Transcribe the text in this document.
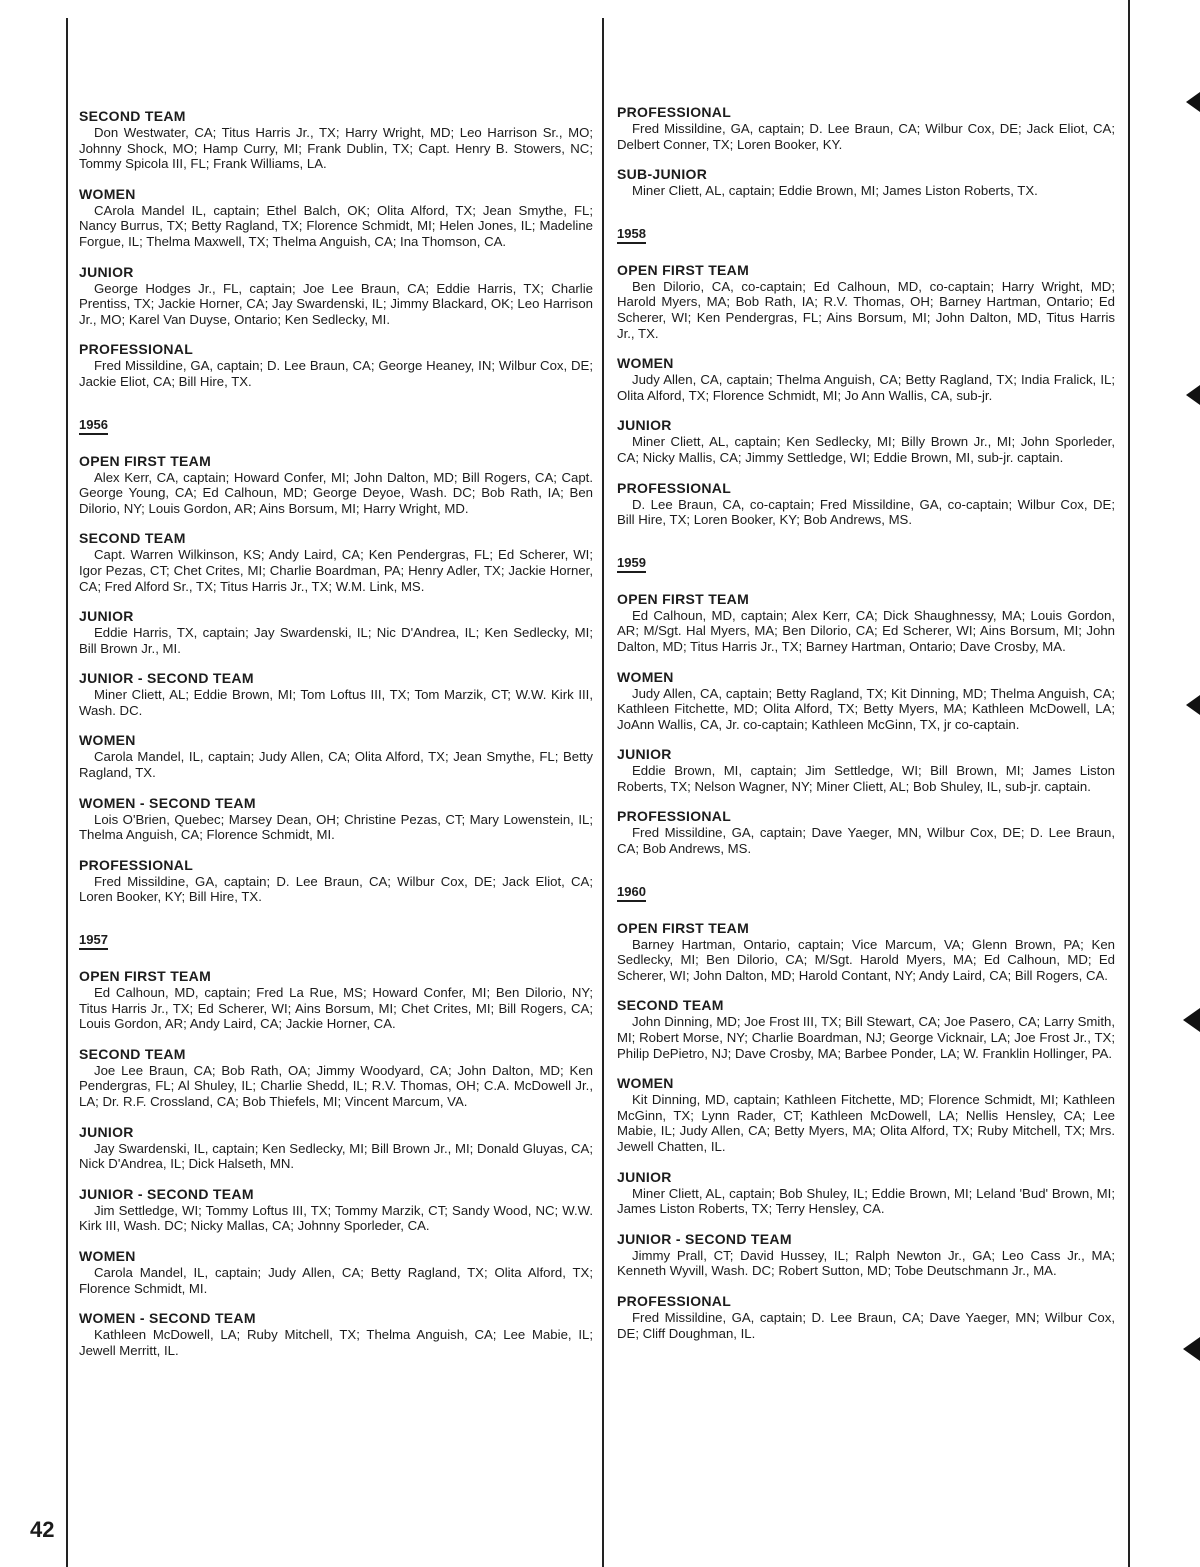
SECOND TEAM
Don Westwater, CA; Titus Harris Jr., TX; Harry Wright, MD; Leo Harrison Sr., MO; Johnny Shock, MO; Hamp Curry, MI; Frank Dublin, TX; Capt. Henry B. Stowers, NC; Tommy Spicola III, FL; Frank Williams, LA.
WOMEN
CArola Mandel IL, captain; Ethel Balch, OK; Olita Alford, TX; Jean Smythe, FL; Nancy Burrus, TX; Betty Ragland, TX; Florence Schmidt, MI; Helen Jones, IL; Madeline Forgue, IL; Thelma Maxwell, TX; Thelma Anguish, CA; Ina Thomson, CA.
JUNIOR
George Hodges Jr., FL, captain; Joe Lee Braun, CA; Eddie Harris, TX; Charlie Prentiss, TX; Jackie Horner, CA; Jay Swardenski, IL; Jimmy Blackard, OK; Leo Harrison Jr., MO; Karel Van Duyse, Ontario; Ken Sedlecky, MI.
PROFESSIONAL
Fred Missildine, GA, captain; D. Lee Braun, CA; George Heaney, IN; Wilbur Cox, DE; Jackie Eliot, CA; Bill Hire, TX.
1956
OPEN FIRST TEAM
Alex Kerr, CA, captain; Howard Confer, MI; John Dalton, MD; Bill Rogers, CA; Capt. George Young, CA; Ed Calhoun, MD; George Deyoe, Wash. DC; Bob Rath, IA; Ben Dilorio, NY; Louis Gordon, AR; Ains Borsum, MI; Harry Wright, MD.
SECOND TEAM
Capt. Warren Wilkinson, KS; Andy Laird, CA; Ken Pendergras, FL; Ed Scherer, WI; Igor Pezas, CT; Chet Crites, MI; Charlie Boardman, PA; Henry Adler, TX; Jackie Horner, CA; Fred Alford Sr., TX; Titus Harris Jr., TX; W.M. Link, MS.
JUNIOR
Eddie Harris, TX, captain; Jay Swardenski, IL; Nic D'Andrea, IL; Ken Sedlecky, MI; Bill Brown Jr., MI.
JUNIOR - SECOND TEAM
Miner Cliett, AL; Eddie Brown, MI; Tom Loftus III, TX; Tom Marzik, CT; W.W. Kirk III, Wash. DC.
WOMEN
Carola Mandel, IL, captain; Judy Allen, CA; Olita Alford, TX; Jean Smythe, FL; Betty Ragland, TX.
WOMEN - SECOND TEAM
Lois O'Brien, Quebec; Marsey Dean, OH; Christine Pezas, CT; Mary Lowenstein, IL; Thelma Anguish, CA; Florence Schmidt, MI.
PROFESSIONAL
Fred Missildine, GA, captain; D. Lee Braun, CA; Wilbur Cox, DE; Jack Eliot, CA; Loren Booker, KY; Bill Hire, TX.
1957
OPEN FIRST TEAM
Ed Calhoun, MD, captain; Fred La Rue, MS; Howard Confer, MI; Ben Dilorio, NY; Titus Harris Jr., TX; Ed Scherer, WI; Ains Borsum, MI; Chet Crites, MI; Bill Rogers, CA; Louis Gordon, AR; Andy Laird, CA; Jackie Horner, CA.
SECOND TEAM
Joe Lee Braun, CA; Bob Rath, OA; Jimmy Woodyard, CA; John Dalton, MD; Ken Pendergras, FL; Al Shuley, IL; Charlie Shedd, IL; R.V. Thomas, OH; C.A. McDowell Jr., LA; Dr. R.F. Crossland, CA; Bob Thiefels, MI; Vincent Marcum, VA.
JUNIOR
Jay Swardenski, IL, captain; Ken Sedlecky, MI; Bill Brown Jr., MI; Donald Gluyas, CA; Nick D'Andrea, IL; Dick Halseth, MN.
JUNIOR - SECOND TEAM
Jim Settledge, WI; Tommy Loftus III, TX; Tommy Marzik, CT; Sandy Wood, NC; W.W. Kirk III, Wash. DC; Nicky Mallas, CA; Johnny Sporleder, CA.
WOMEN
Carola Mandel, IL, captain; Judy Allen, CA; Betty Ragland, TX; Olita Alford, TX; Florence Schmidt, MI.
WOMEN - SECOND TEAM
Kathleen McDowell, LA; Ruby Mitchell, TX; Thelma Anguish, CA; Lee Mabie, IL; Jewell Merritt, IL.
PROFESSIONAL
Fred Missildine, GA, captain; D. Lee Braun, CA; Wilbur Cox, DE; Jack Eliot, CA; Delbert Conner, TX; Loren Booker, KY.
SUB-JUNIOR
Miner Cliett, AL, captain; Eddie Brown, MI; James Liston Roberts, TX.
1958
OPEN FIRST TEAM
Ben Dilorio, CA, co-captain; Ed Calhoun, MD, co-captain; Harry Wright, MD; Harold Myers, MA; Bob Rath, IA; R.V. Thomas, OH; Barney Hartman, Ontario; Ed Scherer, WI; Ken Pendergras, FL; Ains Borsum, MI; John Dalton, MD, Titus Harris Jr., TX.
WOMEN
Judy Allen, CA, captain; Thelma Anguish, CA; Betty Ragland, TX; India Fralick, IL; Olita Alford, TX; Florence Schmidt, MI; Jo Ann Wallis, CA, sub-jr.
JUNIOR
Miner Cliett, AL, captain; Ken Sedlecky, MI; Billy Brown Jr., MI; John Sporleder, CA; Nicky Mallis, CA; Jimmy Settledge, WI; Eddie Brown, MI, sub-jr. captain.
PROFESSIONAL
D. Lee Braun, CA, co-captain; Fred Missildine, GA, co-captain; Wilbur Cox, DE; Bill Hire, TX; Loren Booker, KY; Bob Andrews, MS.
1959
OPEN FIRST TEAM
Ed Calhoun, MD, captain; Alex Kerr, CA; Dick Shaughnessy, MA; Louis Gordon, AR; M/Sgt. Hal Myers, MA; Ben Dilorio, CA; Ed Scherer, WI; Ains Borsum, MI; John Dalton, MD; Titus Harris Jr., TX; Barney Hartman, Ontario; Dave Crosby, MA.
WOMEN
Judy Allen, CA, captain; Betty Ragland, TX; Kit Dinning, MD; Thelma Anguish, CA; Kathleen Fitchette, MD; Olita Alford, TX; Betty Myers, MA; Kathleen McDowell, LA; JoAnn Wallis, CA, Jr. co-captain; Kathleen McGinn, TX, jr co-captain.
JUNIOR
Eddie Brown, MI, captain; Jim Settledge, WI; Bill Brown, MI; James Liston Roberts, TX; Nelson Wagner, NY; Miner Cliett, AL; Bob Shuley, IL, sub-jr. captain.
PROFESSIONAL
Fred Missildine, GA, captain; Dave Yaeger, MN, Wilbur Cox, DE; D. Lee Braun, CA; Bob Andrews, MS.
1960
OPEN FIRST TEAM
Barney Hartman, Ontario, captain; Vice Marcum, VA; Glenn Brown, PA; Ken Sedlecky, MI; Ben Dilorio, CA; M/Sgt. Harold Myers, MA; Ed Calhoun, MD; Ed Scherer, WI; John Dalton, MD; Harold Contant, NY; Andy Laird, CA; Bill Rogers, CA.
SECOND TEAM
John Dinning, MD; Joe Frost III, TX; Bill Stewart, CA; Joe Pasero, CA; Larry Smith, MI; Robert Morse, NY; Charlie Boardman, NJ; George Vicknair, LA; Joe Frost Jr., TX; Philip DePietro, NJ; Dave Crosby, MA; Barbee Ponder, LA; W. Franklin Hollinger, PA.
WOMEN
Kit Dinning, MD, captain; Kathleen Fitchette, MD; Florence Schmidt, MI; Kathleen McGinn, TX; Lynn Rader, CT; Kathleen McDowell, LA; Nellis Hensley, CA; Lee Mabie, IL; Judy Allen, CA; Betty Myers, MA; Olita Alford, TX; Ruby Mitchell, TX; Mrs. Jewell Chatten, IL.
JUNIOR
Miner Cliett, AL, captain; Bob Shuley, IL; Eddie Brown, MI; Leland 'Bud' Brown, MI; James Liston Roberts, TX; Terry Hensley, CA.
JUNIOR - SECOND TEAM
Jimmy Prall, CT; David Hussey, IL; Ralph Newton Jr., GA; Leo Cass Jr., MA; Kenneth Wyvill, Wash. DC; Robert Sutton, MD; Tobe Deutschmann Jr., MA.
PROFESSIONAL
Fred Missildine, GA, captain; D. Lee Braun, CA; Dave Yaeger, MN; Wilbur Cox, DE; Cliff Doughman, IL.
42
